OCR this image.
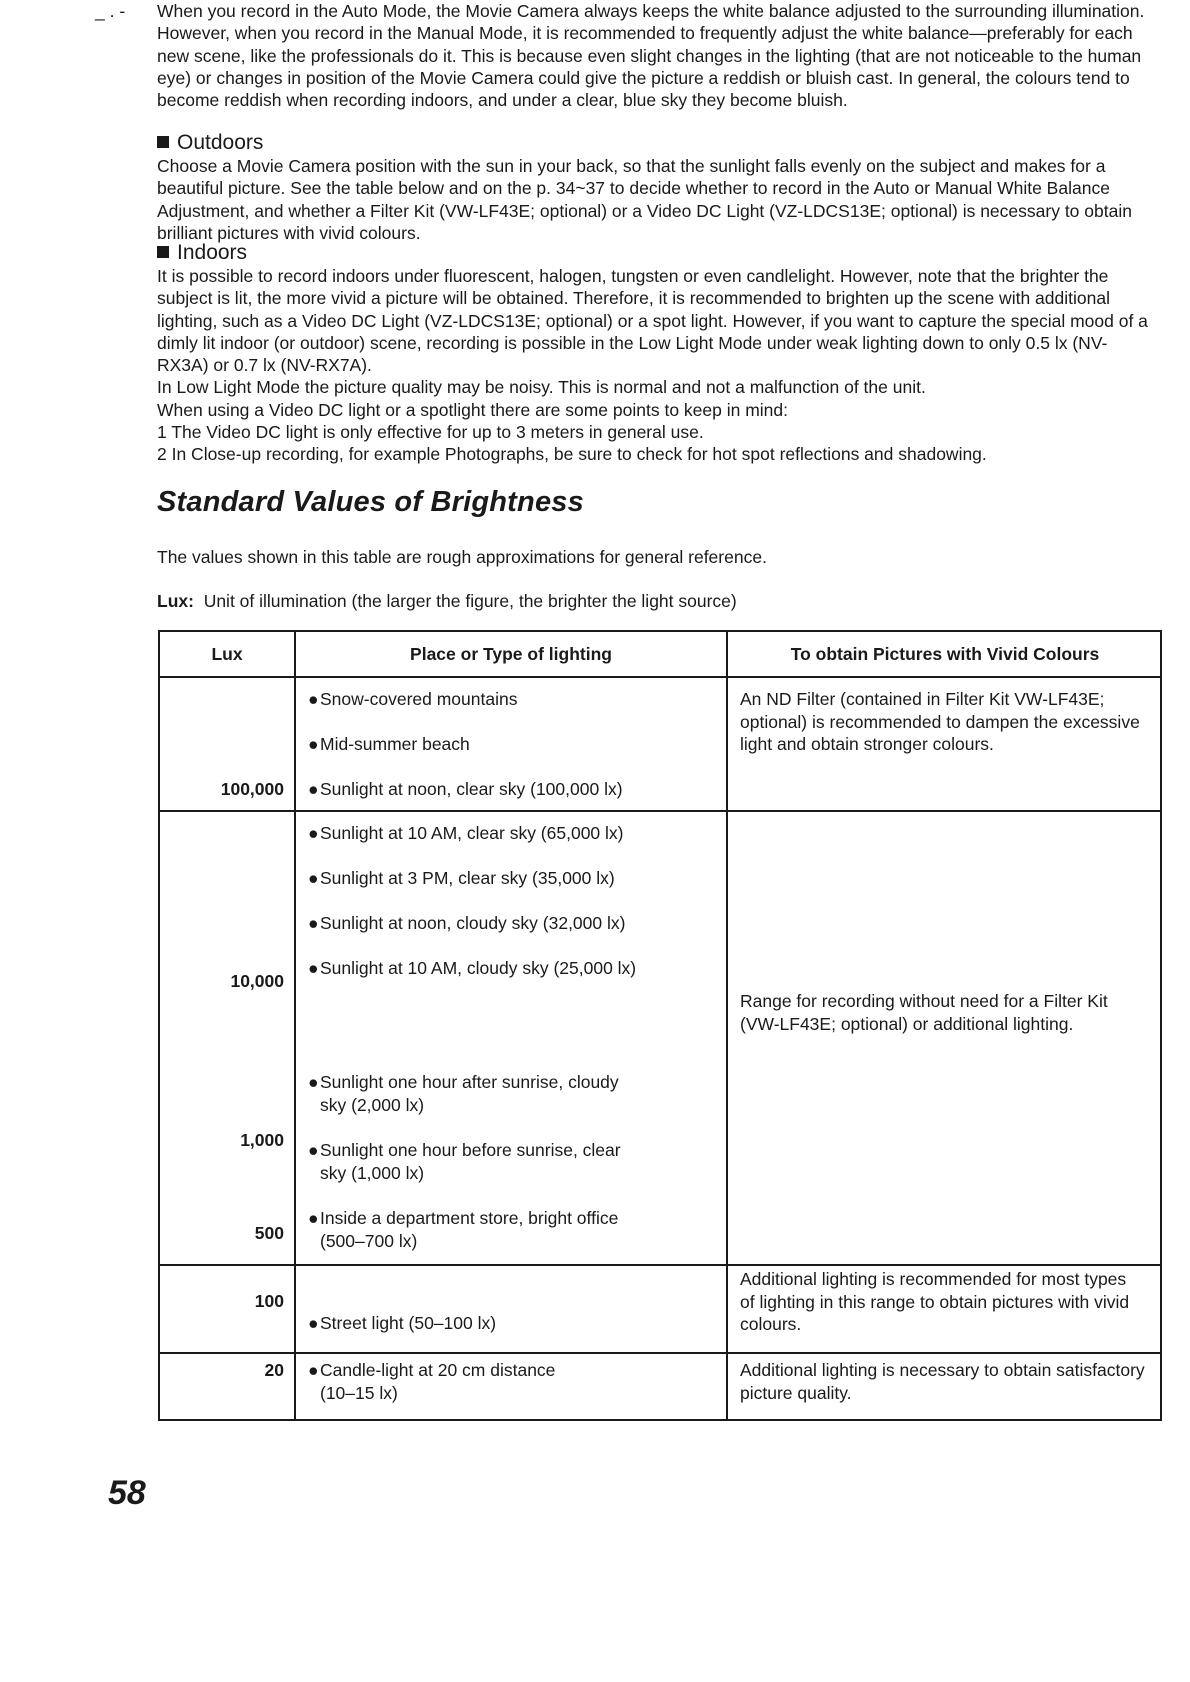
_ . - When you record in the Auto Mode, the Movie Camera always keeps the white balance adjusted to the surrounding illumination. However, when you record in the Manual Mode, it is recommended to frequently adjust the white balance—preferably for each new scene, like the professionals do it. This is because even slight changes in the lighting (that are not noticeable to the human eye) or changes in position of the Movie Camera could give the picture a reddish or bluish cast. In general, the colours tend to become reddish when recording indoors, and under a clear, blue sky they become bluish.

Outdoors

Choose a Movie Camera position with the sun in your back, so that the sunlight falls evenly on the subject and makes for a beautiful picture. See the table below and on the p. 34~37 to decide whether to record in the Auto or Manual White Balance Adjustment, and whether a Filter Kit (VW-LF43E; optional) or a Video DC Light (VZ-LDCS13E; optional) is necessary to obtain brilliant pictures with vivid colours.

Indoors

It is possible to record indoors under fluorescent, halogen, tungsten or even candlelight. However, note that the brighter the subject is lit, the more vivid a picture will be obtained. Therefore, it is recommended to brighten up the scene with additional lighting, such as a Video DC Light (VZ-LDCS13E; optional) or a spot light. However, if you want to capture the special mood of a dimly lit indoor (or outdoor) scene, recording is possible in the Low Light Mode under weak lighting down to only 0.5 lx (NV-RX3A) or 0.7 lx (NV-RX7A).

In Low Light Mode the picture quality may be noisy. This is normal and not a malfunction of the unit.

When using a Video DC light or a spotlight there are some points to keep in mind:

1 The Video DC light is only effective for up to 3 meters in general use.

2 In Close-up recording, for example Photographs, be sure to check for hot spot reflections and shadowing.

Standard Values of Brightness

The values shown in this table are rough approximations for general reference.

Lux: Unit of illumination (the larger the figure, the brighter the light source)

Lux	Place or Type of lighting	To obtain Pictures with Vivid Colours
100,000
10,000
1,000
500
100
20
●Snow-covered mountains
●Mid-summer beach
●Sunlight at noon, clear sky (100,000 lx)
●Sunlight at 10 AM, clear sky (65,000 lx)
●Sunlight at 3 PM, clear sky (35,000 lx)
●Sunlight at noon, cloudy sky (32,000 lx)
●Sunlight at 10 AM, cloudy sky (25,000 lx)
●Sunlight one hour after sunrise, cloudy
sky (2,000 lx)
●Sunlight one hour before sunrise, clear
sky (1,000 lx)
●Inside a department store, bright office
(500–700 lx)
●Street light (50–100 lx)
●Candle-light at 20 cm distance
(10–15 lx)
An ND Filter (contained in Filter Kit VW-LF43E; optional) is recommended to dampen the excessive light and obtain stronger colours.
Range for recording without need for a Filter Kit (VW-LF43E; optional) or additional lighting.
Additional lighting is recommended for most types of lighting in this range to obtain pictures with vivid colours.
Additional lighting is necessary to obtain satisfactory picture quality.

58
